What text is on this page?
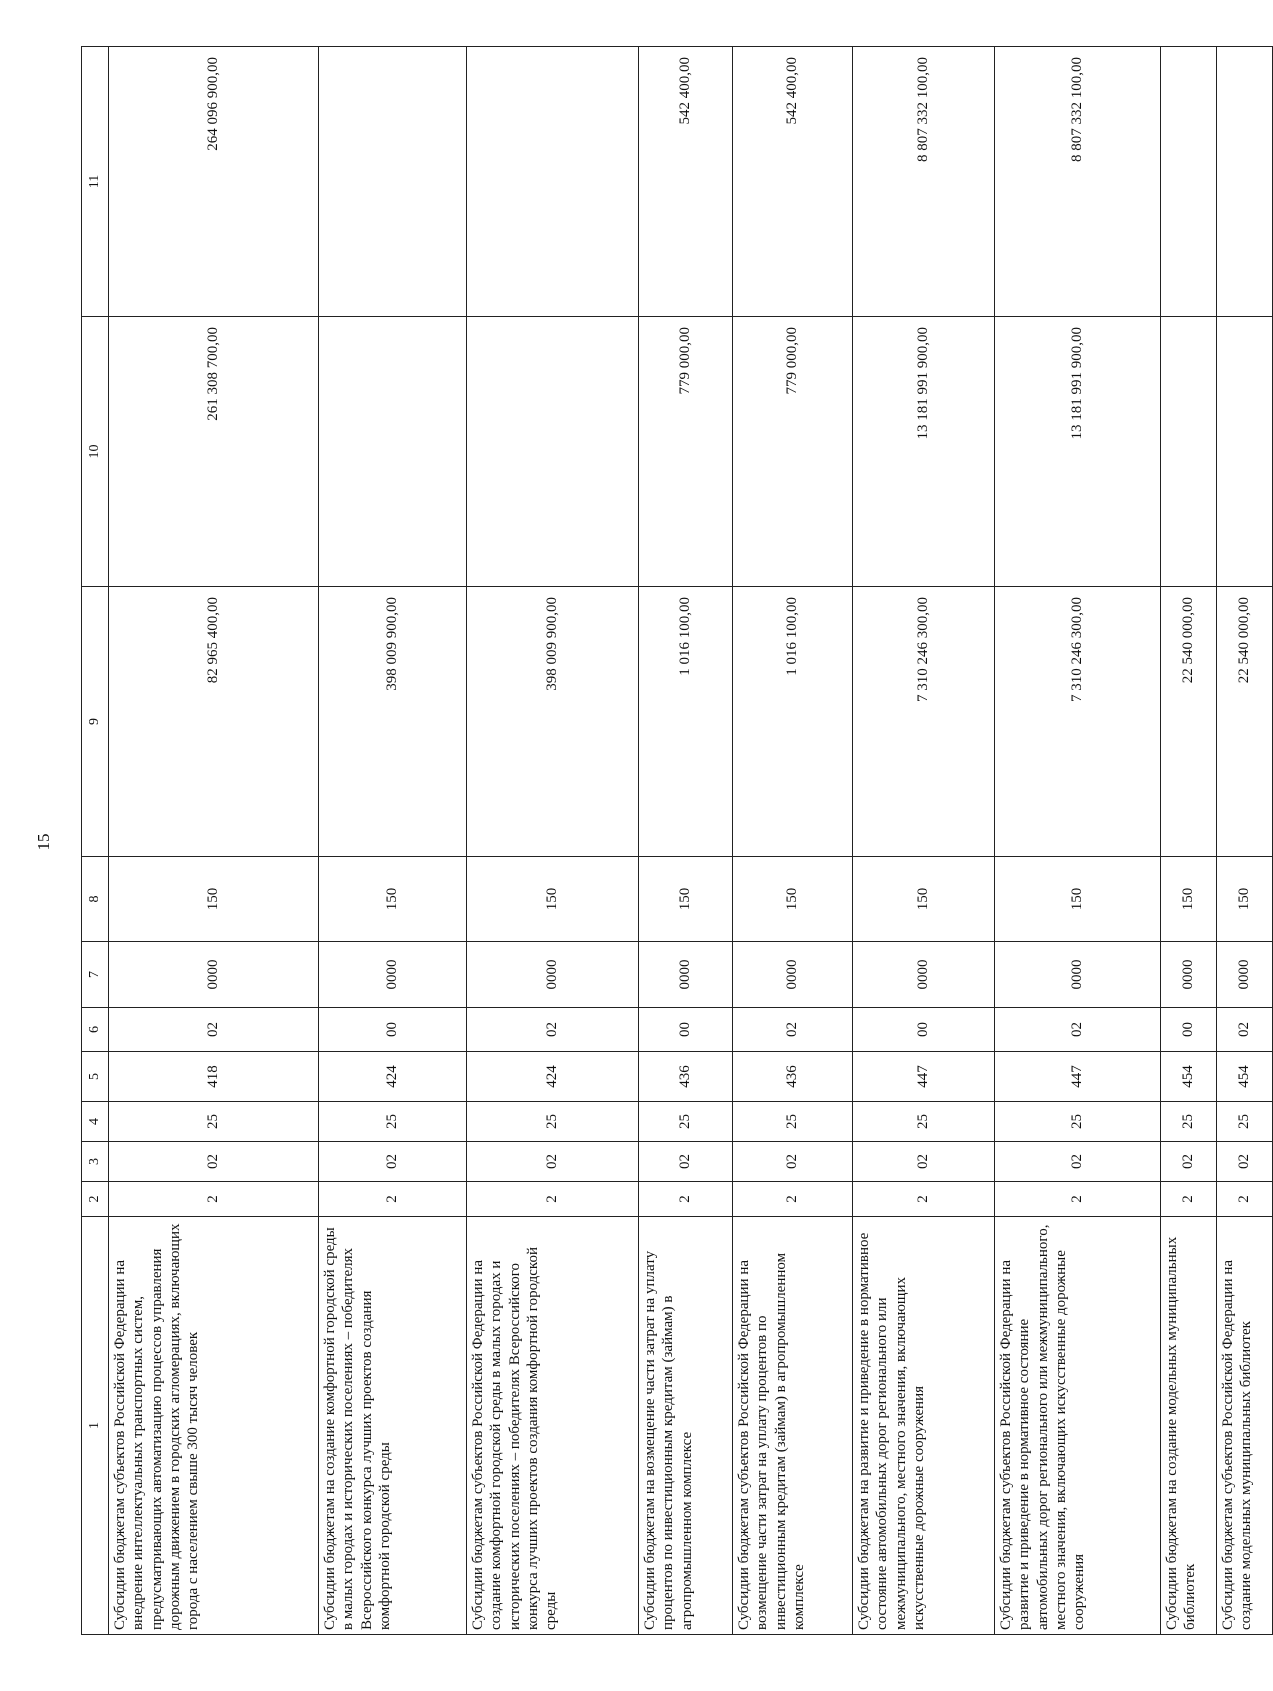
15
1	2	3	4	5	6	7	8	9	10	11
Субсидии бюджетам субъектов Российской Федерации на внедрение интеллектуальных транспортных систем, предусматривающих автоматизацию процессов управления дорожным движением в городских агломерациях, включающих города с населением свыше 300 тысяч человек	2	02	25	418	02	0000	150	82 965 400,00	261 308 700,00	264 096 900,00
Субсидии бюджетам на создание комфортной городской среды в малых городах и исторических поселениях – победителях Всероссийского конкурса лучших проектов создания комфортной городской среды	2	02	25	424	00	0000	150	398 009 900,00		
Субсидии бюджетам субъектов Российской Федерации на создание комфортной городской среды в малых городах и исторических поселениях – победителях Всероссийского конкурса лучших проектов создания комфортной городской среды	2	02	25	424	02	0000	150	398 009 900,00		
Субсидии бюджетам на возмещение части затрат на уплату процентов по инвестиционным кредитам (займам) в агропромышленном комплексе	2	02	25	436	00	0000	150	1 016 100,00	779 000,00	542 400,00
Субсидии бюджетам субъектов Российской Федерации на возмещение части затрат на уплату процентов по инвестиционным кредитам (займам) в агропромышленном комплексе	2	02	25	436	02	0000	150	1 016 100,00	779 000,00	542 400,00
Субсидии бюджетам на развитие и приведение в нормативное состояние автомобильных дорог регионального или межмуниципального, местного значения, включающих искусственные дорожные сооружения	2	02	25	447	00	0000	150	7 310 246 300,00	13 181 991 900,00	8 807 332 100,00
Субсидии бюджетам субъектов Российской Федерации на развитие и приведение в нормативное состояние автомобильных дорог регионального или межмуниципального, местного значения, включающих искусственные дорожные сооружения	2	02	25	447	02	0000	150	7 310 246 300,00	13 181 991 900,00	8 807 332 100,00
Субсидии бюджетам на создание модельных муниципальных библиотек	2	02	25	454	00	0000	150	22 540 000,00		
Субсидии бюджетам субъектов Российской Федерации на создание модельных муниципальных библиотек	2	02	25	454	02	0000	150	22 540 000,00		
